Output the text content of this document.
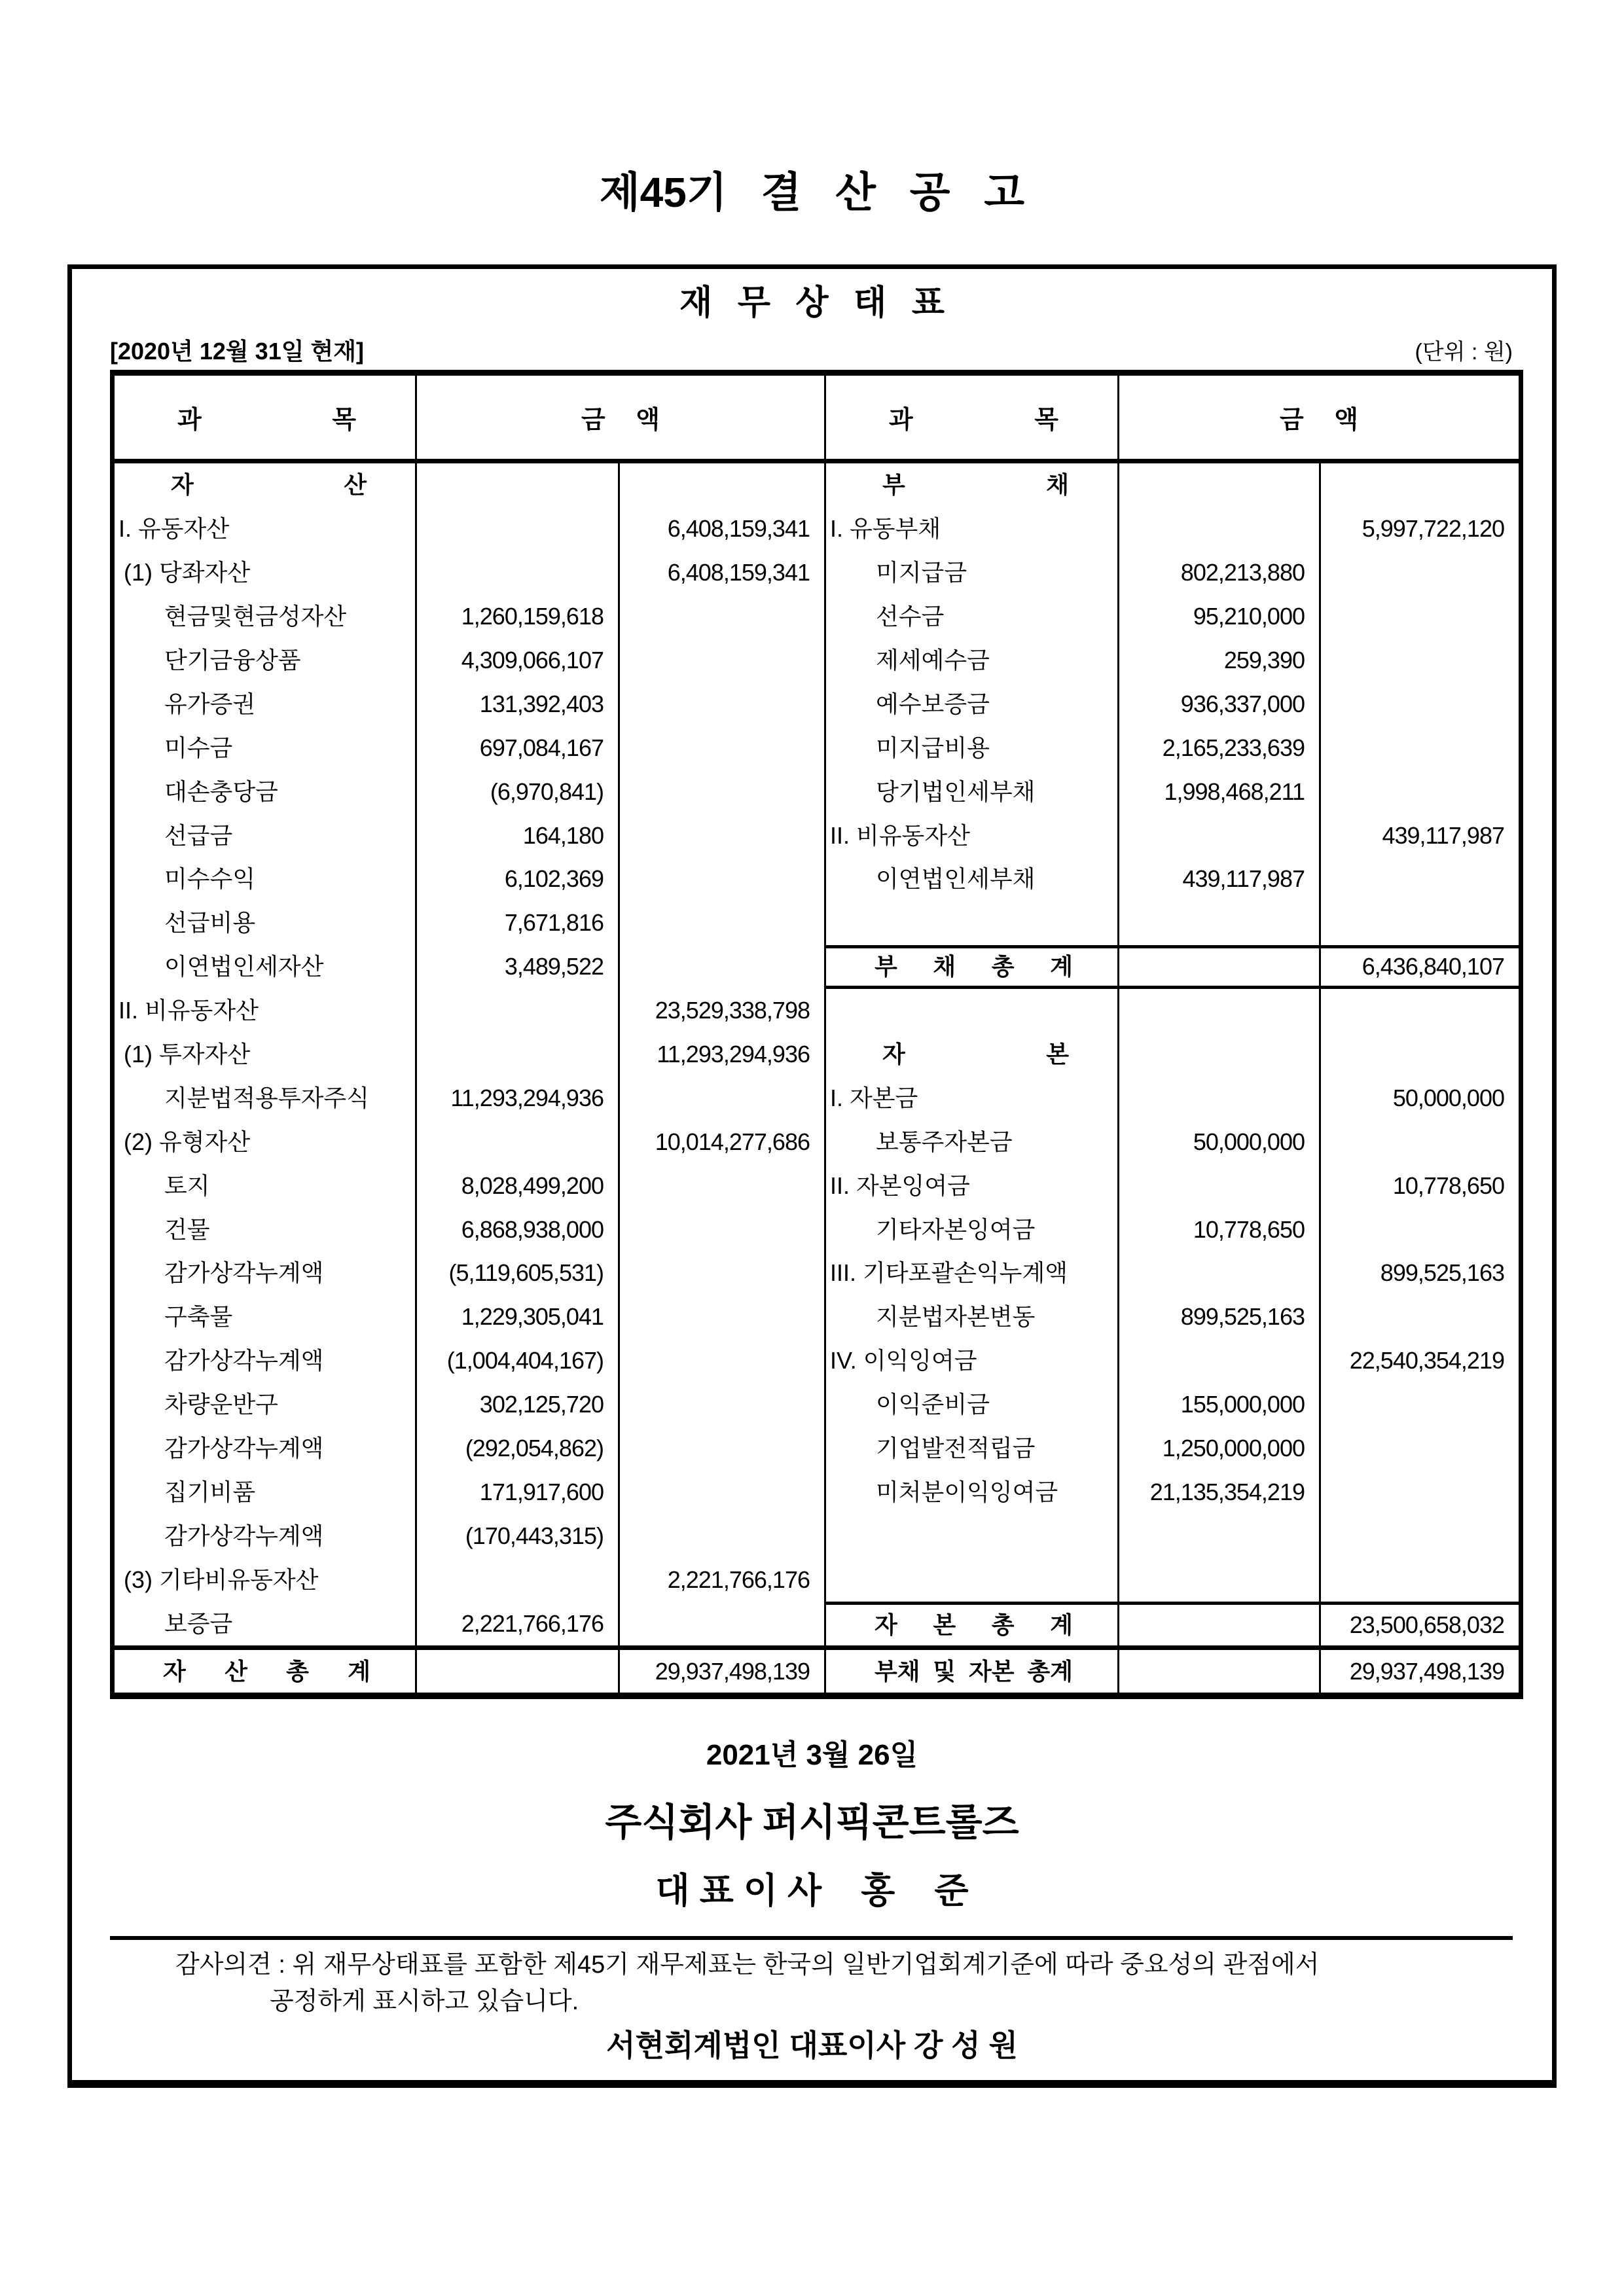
제45기 결 산 공 고
재 무 상 태 표
[2020년 12월 31일 현재]	(단위 : 원)
과 목	금 액
자 산
I. 유동자산	6,408,159,341
(1) 당좌자산	6,408,159,341
현금및현금성자산	1,260,159,618
단기금융상품	4,309,066,107
유가증권	131,392,403
미수금	697,084,167
대손충당금	(6,970,841)
선급금	164,180
미수수익	6,102,369
선급비용	7,671,816
이연법인세자산	3,489,522
II. 비유동자산	23,529,338,798
(1) 투자자산	11,293,294,936
지분법적용투자주식	11,293,294,936
(2) 유형자산	10,014,277,686
토지	8,028,499,200
건물	6,868,938,000
감가상각누계액	(5,119,605,531)
구축물	1,229,305,041
감가상각누계액	(1,004,404,167)
차량운반구	302,125,720
감가상각누계액	(292,054,862)
집기비품	171,917,600
감가상각누계액	(170,443,315)
(3) 기타비유동자산	2,221,766,176
보증금	2,221,766,176
자 산 총 계	29,937,498,139
과 목	금 액
부 채
I. 유동부채	5,997,722,120
미지급금	802,213,880
선수금	95,210,000
제세예수금	259,390
예수보증금	936,337,000
미지급비용	2,165,233,639
당기법인세부채	1,998,468,211
II. 비유동자산	439,117,987
이연법인세부채	439,117,987
부 채 총 계	6,436,840,107
자 본
I. 자본금	50,000,000
보통주자본금	50,000,000
II. 자본잉여금	10,778,650
기타자본잉여금	10,778,650
III. 기타포괄손익누계액	899,525,163
지분법자본변동	899,525,163
IV. 이익잉여금	22,540,354,219
이익준비금	155,000,000
기업발전적립금	1,250,000,000
미처분이익잉여금	21,135,354,219
자 본 총 계	23,500,658,032
부채 및 자본 총계	29,937,498,139
2021년 3월 26일
주식회사 퍼시픽콘트롤즈
대 표 이 사    홍    준
감사의견 : 위 재무상태표를 포함한 제45기 재무제표는 한국의 일반기업회계기준에 따라 중요성의 관점에서
공정하게 표시하고 있습니다.
서현회계법인 대표이사 강 성 원
